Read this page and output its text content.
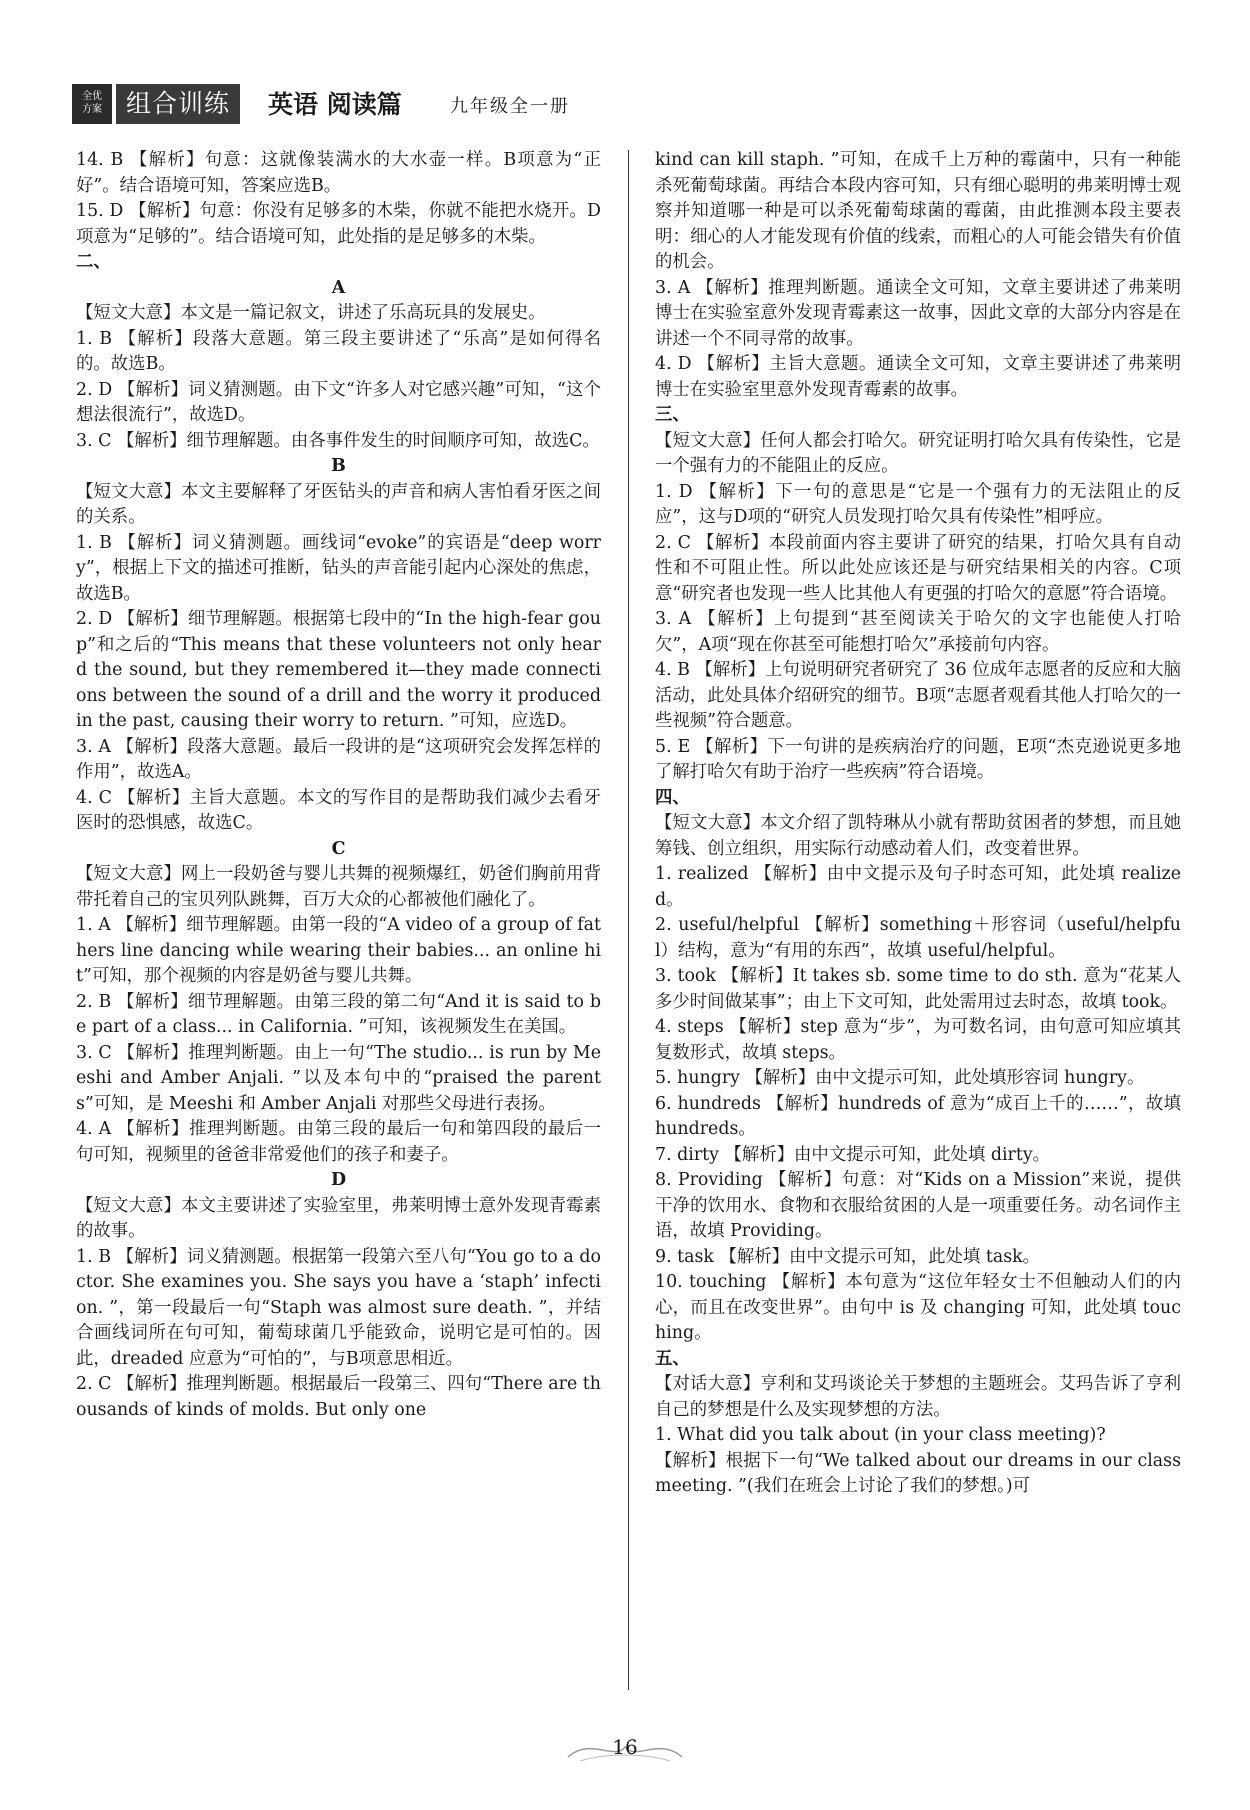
全优
方案 组合训练	英语 阅读篇	九年级全一册

14. B 【解析】句意：这就像装满水的大水壶一样。B项意为“正好”。结合语境可知，答案应选B。

15. D 【解析】句意：你没有足够多的木柴，你就不能把水烧开。D项意为“足够的”。结合语境可知，此处指的是足够多的木柴。

二、

A

【短文大意】本文是一篇记叙文，讲述了乐高玩具的发展史。

1. B 【解析】段落大意题。第三段主要讲述了“乐高”是如何得名的。故选B。

2. D 【解析】词义猜测题。由下文“许多人对它感兴趣”可知，“这个想法很流行”，故选D。

3. C 【解析】细节理解题。由各事件发生的时间顺序可知，故选C。

B

【短文大意】本文主要解释了牙医钻头的声音和病人害怕看牙医之间的关系。

1. B 【解析】词义猜测题。画线词“evoke”的宾语是“deep worry”，根据上下文的描述可推断，钻头的声音能引起内心深处的焦虑，故选B。

2. D 【解析】细节理解题。根据第七段中的“In the high-fear goup”和之后的“This means that these volunteers not only heard the sound, but they remembered it—they made connections between the sound of a drill and the worry it produced in the past, causing their worry to return. ”可知，应选D。

3. A 【解析】段落大意题。最后一段讲的是“这项研究会发挥怎样的作用”，故选A。

4. C 【解析】主旨大意题。本文的写作目的是帮助我们减少去看牙医时的恐惧感，故选C。

C

【短文大意】网上一段奶爸与婴儿共舞的视频爆红，奶爸们胸前用背带托着自己的宝贝列队跳舞，百万大众的心都被他们融化了。

1. A 【解析】细节理解题。由第一段的“A video of a group of fathers line dancing while wearing their babies... an online hit”可知，那个视频的内容是奶爸与婴儿共舞。

2. B 【解析】细节理解题。由第三段的第二句“And it is said to be part of a class... in California. ”可知，该视频发生在美国。

3. C 【解析】推理判断题。由上一句“The studio... is run by Meeshi and Amber Anjali. ”以及本句中的“praised the parents”可知，是 Meeshi 和 Amber Anjali 对那些父母进行表扬。

4. A 【解析】推理判断题。由第三段的最后一句和第四段的最后一句可知，视频里的爸爸非常爱他们的孩子和妻子。

D

【短文大意】本文主要讲述了实验室里，弗莱明博士意外发现青霉素的故事。

1. B 【解析】词义猜测题。根据第一段第六至八句“You go to a doctor. She examines you. She says you have a ‘staph’ infection. ”，第一段最后一句“Staph was almost sure death. ”，并结合画线词所在句可知，葡萄球菌几乎能致命，说明它是可怕的。因此，dreaded 应意为“可怕的”，与B项意思相近。

2. C 【解析】推理判断题。根据最后一段第三、四句“There are thousands of kinds of molds. But only one

kind can kill staph. ”可知，在成千上万种的霉菌中，只有一种能杀死葡萄球菌。再结合本段内容可知，只有细心聪明的弗莱明博士观察并知道哪一种是可以杀死葡萄球菌的霉菌，由此推测本段主要表明：细心的人才能发现有价值的线索，而粗心的人可能会错失有价值的机会。

3. A 【解析】推理判断题。通读全文可知，文章主要讲述了弗莱明博士在实验室意外发现青霉素这一故事，因此文章的大部分内容是在讲述一个不同寻常的故事。

4. D 【解析】主旨大意题。通读全文可知，文章主要讲述了弗莱明博士在实验室里意外发现青霉素的故事。

三、

【短文大意】任何人都会打哈欠。研究证明打哈欠具有传染性，它是一个强有力的不能阻止的反应。

1. D 【解析】下一句的意思是“它是一个强有力的无法阻止的反应”，这与D项的“研究人员发现打哈欠具有传染性”相呼应。

2. C 【解析】本段前面内容主要讲了研究的结果，打哈欠具有自动性和不可阻止性。所以此处应该还是与研究结果相关的内容。C项意“研究者也发现一些人比其他人有更强的打哈欠的意愿”符合语境。

3. A 【解析】上句提到“甚至阅读关于哈欠的文字也能使人打哈欠”，A项“现在你甚至可能想打哈欠”承接前句内容。

4. B 【解析】上句说明研究者研究了 36 位成年志愿者的反应和大脑活动，此处具体介绍研究的细节。B项“志愿者观看其他人打哈欠的一些视频”符合题意。

5. E 【解析】下一句讲的是疾病治疗的问题，E项“杰克逊说更多地了解打哈欠有助于治疗一些疾病”符合语境。

四、

【短文大意】本文介绍了凯特琳从小就有帮助贫困者的梦想，而且她筹钱、创立组织，用实际行动感动着人们，改变着世界。

1. realized 【解析】由中文提示及句子时态可知，此处填 realized。

2. useful/helpful 【解析】something＋形容词（useful/helpful）结构，意为“有用的东西”，故填 useful/helpful。

3. took 【解析】It takes sb. some time to do sth. 意为“花某人多少时间做某事”；由上下文可知，此处需用过去时态，故填 took。

4. steps 【解析】step 意为“步”，为可数名词，由句意可知应填其复数形式，故填 steps。

5. hungry 【解析】由中文提示可知，此处填形容词 hungry。

6. hundreds 【解析】hundreds of 意为“成百上千的……”，故填 hundreds。

7. dirty 【解析】由中文提示可知，此处填 dirty。

8. Providing 【解析】句意：对“Kids on a Mission”来说，提供干净的饮用水、食物和衣服给贫困的人是一项重要任务。动名词作主语，故填 Providing。

9. task 【解析】由中文提示可知，此处填 task。

10. touching 【解析】本句意为“这位年轻女士不但触动人们的内心，而且在改变世界”。由句中 is 及 changing 可知，此处填 touching。

五、

【对话大意】亨利和艾玛谈论关于梦想的主题班会。艾玛告诉了亨利自己的梦想是什么及实现梦想的方法。

1. What did you talk about (in your class meeting)?

【解析】根据下一句“We talked about our dreams in our class meeting. ”(我们在班会上讨论了我们的梦想。)可

16
